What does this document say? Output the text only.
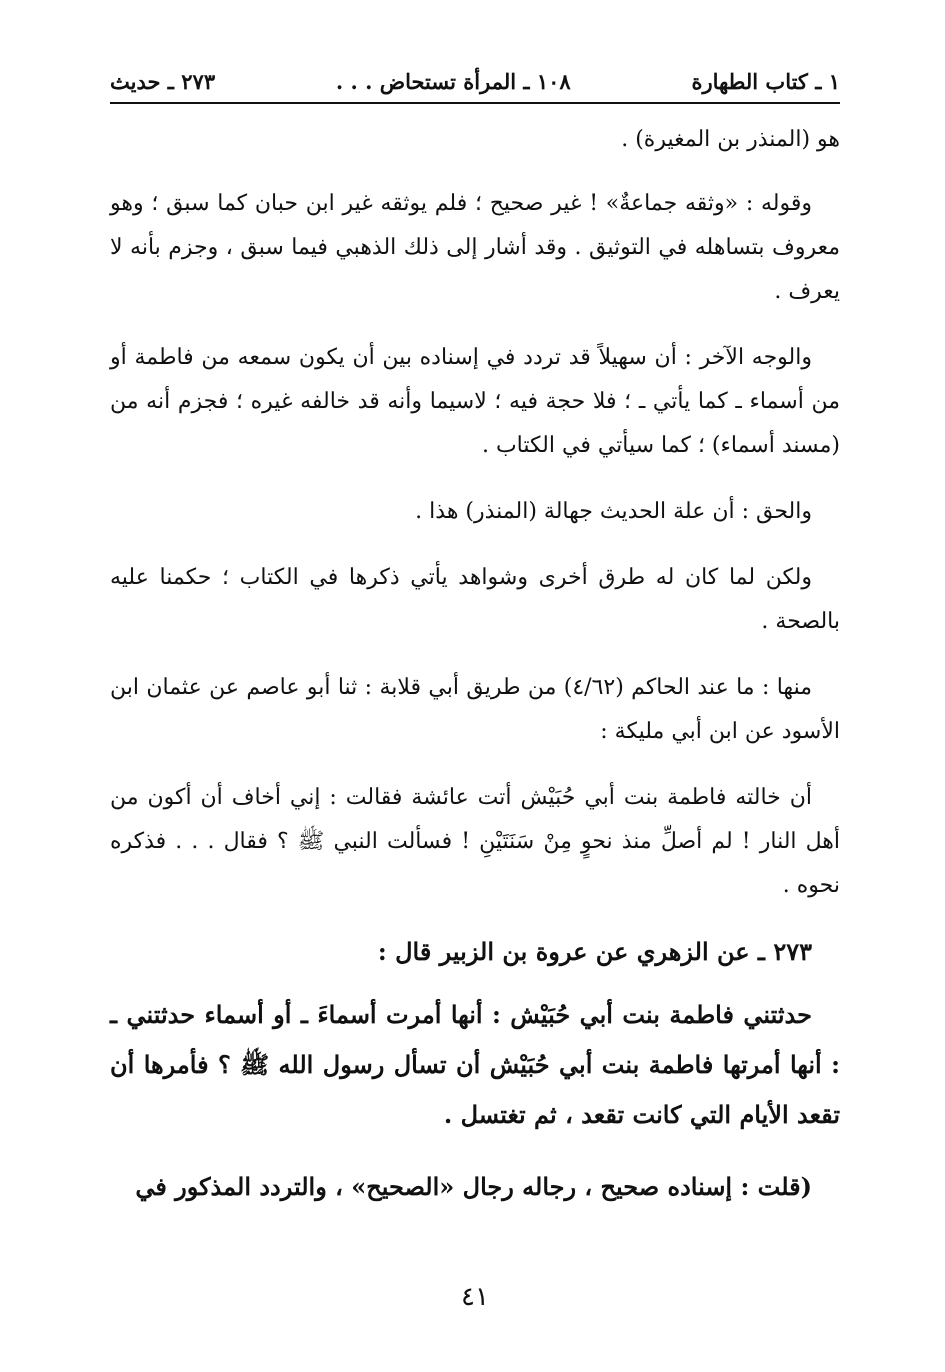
١ ـ كتاب الطهارة
١٠٨ ـ المرأة تستحاض . . .
٢٧٣ ـ حديث

هو (المنذر بن المغيرة) .

وقوله : «وثقه جماعةٌ» ! غير صحيح ؛ فلم يوثقه غير ابن حبان كما سبق ؛ وهو معروف بتساهله في التوثيق . وقد أشار إلى ذلك الذهبي فيما سبق ، وجزم بأنه لا يعرف .

والوجه الآخر : أن سهيلاً قد تردد في إسناده بين أن يكون سمعه من فاطمة أو من أسماء ـ كما يأتي ـ ؛ فلا حجة فيه ؛ لاسيما وأنه قد خالفه غيره ؛ فجزم أنه من (مسند أسماء) ؛ كما سيأتي في الكتاب .

والحق : أن علة الحديث جهالة (المنذر) هذا .

ولكن لما كان له طرق أخرى وشواهد يأتي ذكرها في الكتاب ؛ حكمنا عليه بالصحة .

منها : ما عند الحاكم (٤/٦٢) من طريق أبي قلابة : ثنا أبو عاصم عن عثمان ابن الأسود عن ابن أبي مليكة :

أن خالته فاطمة بنت أبي حُبَيْش أتت عائشة فقالت : إني أخاف أن أكون من أهل النار ! لم أصلِّ منذ نحوٍ مِنْ سَنَتَيْنِ ! فسألت النبي ﷺ ؟ فقال . . . فذكره نحوه .

٢٧٣ ـ عن الزهري عن عروة بن الزبير قال :

حدثتني فاطمة بنت أبي حُبَيْش : أنها أمرت أسماءَ ـ أو أسماء حدثتني ـ : أنها أمرتها فاطمة بنت أبي حُبَيْش أن تسأل رسول الله ﷺ ؟ فأمرها أن تقعد الأيام التي كانت تقعد ، ثم تغتسل .

(قلت : إسناده صحيح ، رجاله رجال «الصحيح» ، والتردد المذكور في

٤١
